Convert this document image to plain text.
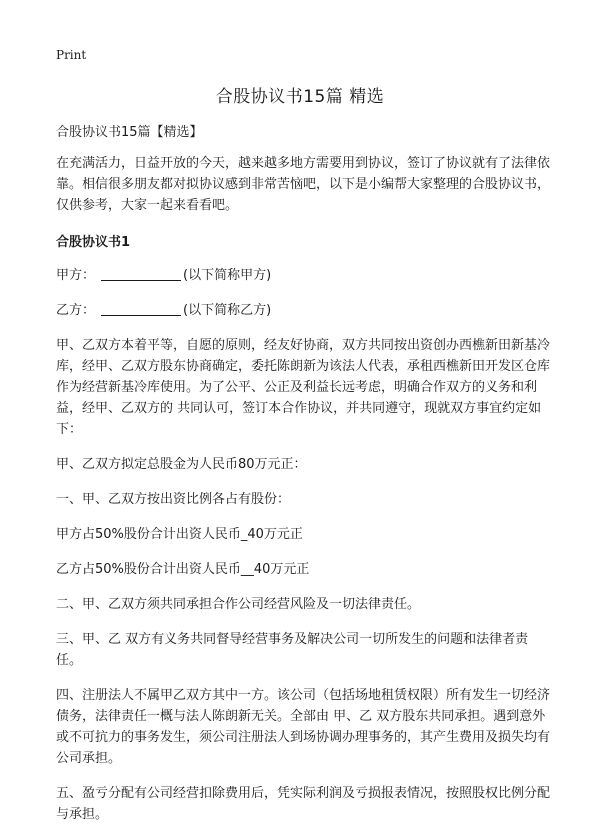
Print
合股协议书15篇 精选

合股协议书15篇【精选】

在充满活力，日益开放的今天，越来越多地方需要用到协议，签订了协议就有了法律依靠。相信很多朋友都对拟协议感到非常苦恼吧，以下是小编帮大家整理的合股协议书，仅供参考，大家一起来看看吧。

合股协议书1

甲方：	(以下简称甲方)

乙方：	(以下简称乙方)

甲、乙双方本着平等，自愿的原则，经友好协商，双方共同按出资创办西樵新田新基冷库，经甲、乙双方股东协商确定，委托陈朗新为该法人代表，承租西樵新田开发区仓库作为经营新基冷库使用。为了公平、公正及利益长远考虑，明确合作双方的义务和利益，经甲、乙双方的 共同认可，签订本合作协议，并共同遵守，现就双方事宜约定如下：

甲、乙双方拟定总股金为人民币80万元正：

一、甲、乙双方按出资比例各占有股份：

甲方占50%股份合计出资人民币_40万元正

乙方占50%股份合计出资人民币__40万元正

二、甲、乙双方须共同承担合作公司经营风险及一切法律责任。

三、甲、乙 双方有义务共同督导经营事务及解决公司一切所发生的问题和法律者责任。

四、注册法人不属甲乙双方其中一方。该公司（包括场地租赁权限）所有发生一切经济债务，法律责任一概与法人陈朗新无关。全部由 甲、乙 双方股东共同承担。遇到意外或不可抗力的事务发生，须公司注册法人到场协调办理事务的，其产生费用及损失均有公司承担。

五、盈亏分配有公司经营扣除费用后，凭实际利润及亏损报表情况，按照股权比例分配与承担。
